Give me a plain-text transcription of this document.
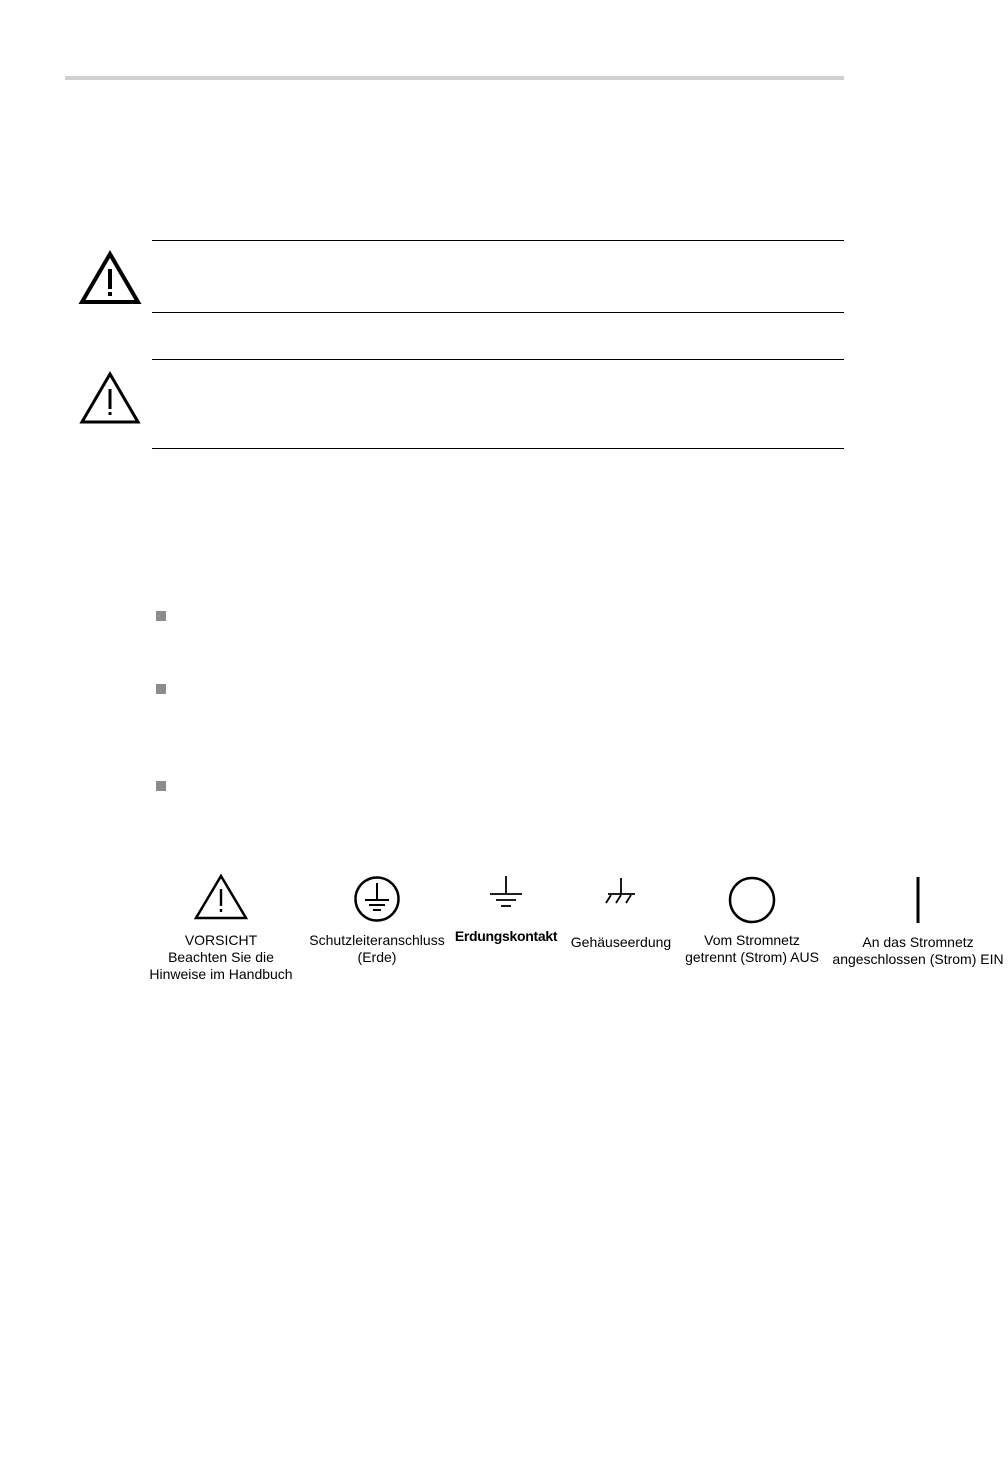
VORSICHT
Beachten Sie die
Hinweise im Handbuch
Schutzleiteranschluss
(Erde)
Erdungskontakt Gehäuseerdung	Vom Stromnetz
getrennt (Strom) AUS
An das Stromnetz
angeschlossen (Strom) EIN
